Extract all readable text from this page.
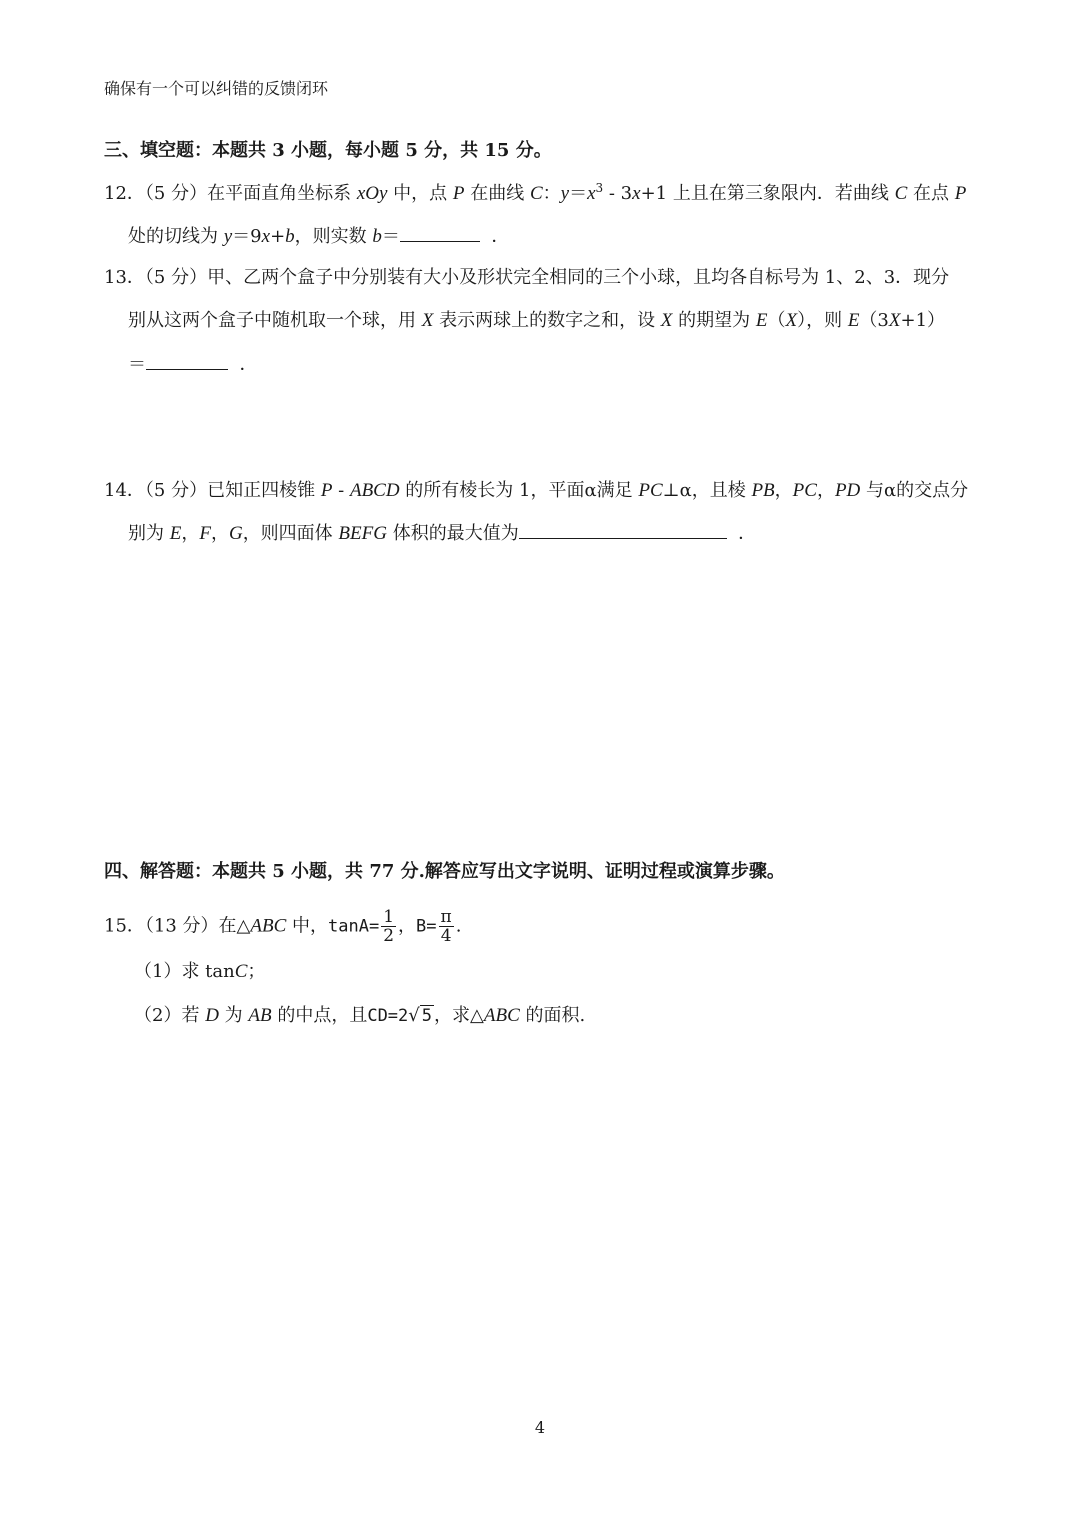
确保有一个可以纠错的反馈闭环
三、填空题：本题共 3 小题，每小题 5 分，共 15 分。
12．（5 分）在平面直角坐标系 xOy 中，点 P 在曲线 C：$y=x^3 - 3x+1$ 上且在第三象限内．若曲线 C 在点 P
处的切线为 y＝9x+b，则实数 b＝	．
13．（5 分）甲、乙两个盒子中分别装有大小及形状完全相同的三个小球，且均各自标号为 1、2、3．现分
别从这两个盒子中随机取一个球，用 X 表示两球上的数字之和，设 X 的期望为 E（X），则 E（3X+1）
＝	．
14．（5 分）已知正四棱锥 P - ABCD 的所有棱长为 1，平面α满足 PC⊥α，且棱 PB，PC，PD 与α的交点分
别为 E，F，G，则四面体 BEFG 体积的最大值为	．
四、解答题：本题共 5 小题，共 77 分.解答应写出文字说明、证明过程或演算步骤。
15．（13 分）在△ABC 中，$\tan A= \frac{1}{2}$ ，$B= \frac{\pi}{4}$ .
（1）求 tanC；
（2）若 D 为 AB 的中点，且CD=2√ 5 ，求△ABC 的面积.
4
